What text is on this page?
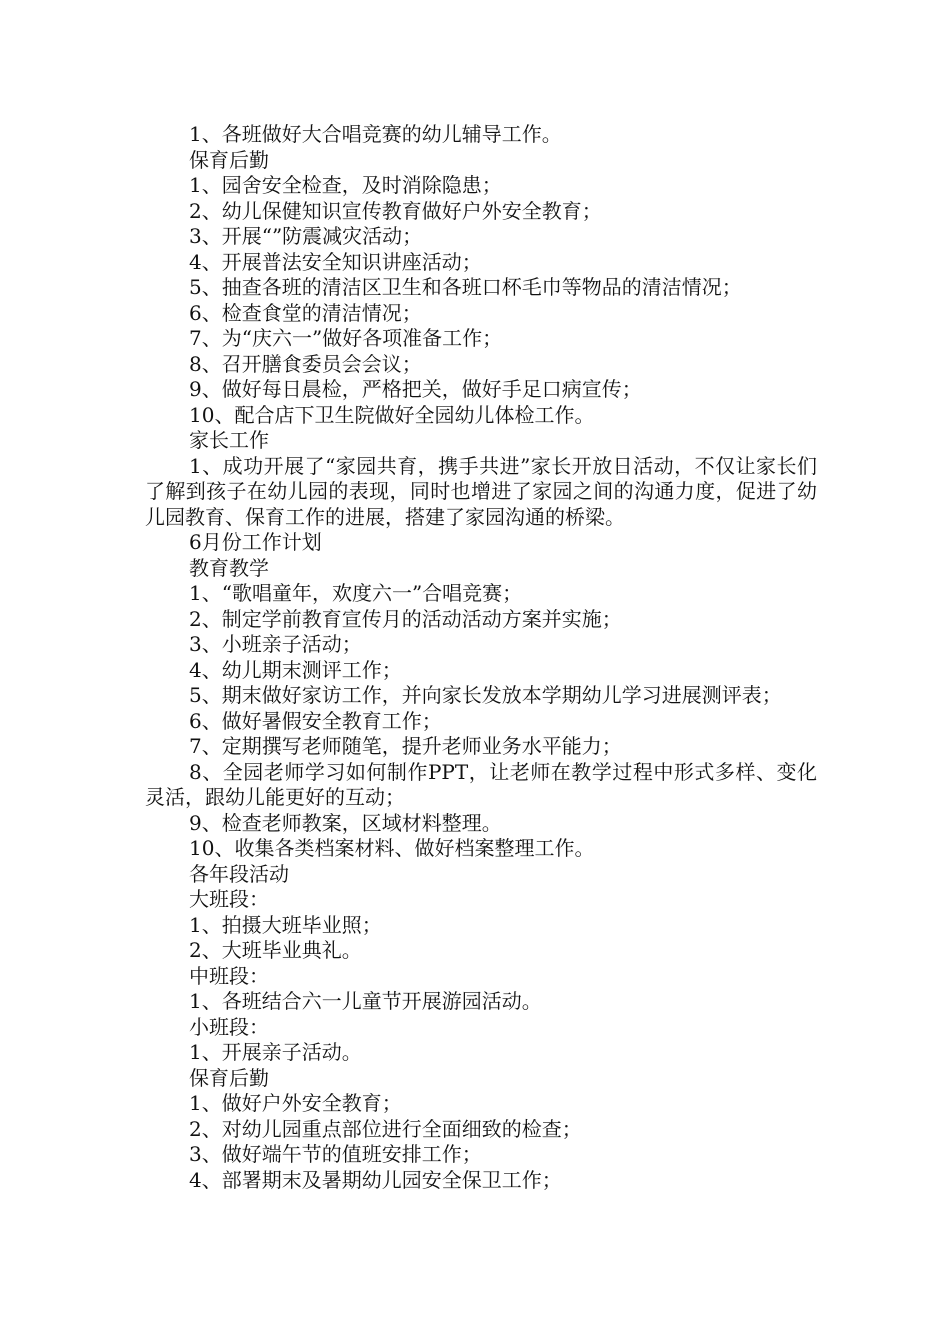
1、各班做好大合唱竞赛的幼儿辅导工作。

保育后勤

1、园舍安全检查，及时消除隐患；

2、幼儿保健知识宣传教育做好户外安全教育；

3、开展“”防震减灾活动；

4、开展普法安全知识讲座活动；

5、抽查各班的清洁区卫生和各班口杯毛巾等物品的清洁情况；

6、检查食堂的清洁情况；

7、为“庆六一”做好各项准备工作；

8、召开膳食委员会会议；

9、做好每日晨检，严格把关，做好手足口病宣传；

10、配合店下卫生院做好全园幼儿体检工作。

家长工作

1、成功开展了“家园共育，携手共进”家长开放日活动，不仅让家长们了解到孩子在幼儿园的表现，同时也增进了家园之间的沟通力度，促进了幼儿园教育、保育工作的进展，搭建了家园沟通的桥梁。

6月份工作计划

教育教学

1、“歌唱童年，欢度六一”合唱竞赛；

2、制定学前教育宣传月的活动活动方案并实施；

3、小班亲子活动；

4、幼儿期末测评工作；

5、期末做好家访工作，并向家长发放本学期幼儿学习进展测评表；

6、做好暑假安全教育工作；

7、定期撰写老师随笔，提升老师业务水平能力；

8、全园老师学习如何制作PPT，让老师在教学过程中形式多样、变化灵活，跟幼儿能更好的互动；

9、检查老师教案，区域材料整理。

10、收集各类档案材料、做好档案整理工作。

各年段活动

大班段：

1、拍摄大班毕业照；

2、大班毕业典礼。

中班段：

1、各班结合六一儿童节开展游园活动。

小班段：

1、开展亲子活动。

保育后勤

1、做好户外安全教育；

2、对幼儿园重点部位进行全面细致的检查；

3、做好端午节的值班安排工作；

4、部署期末及暑期幼儿园安全保卫工作；
